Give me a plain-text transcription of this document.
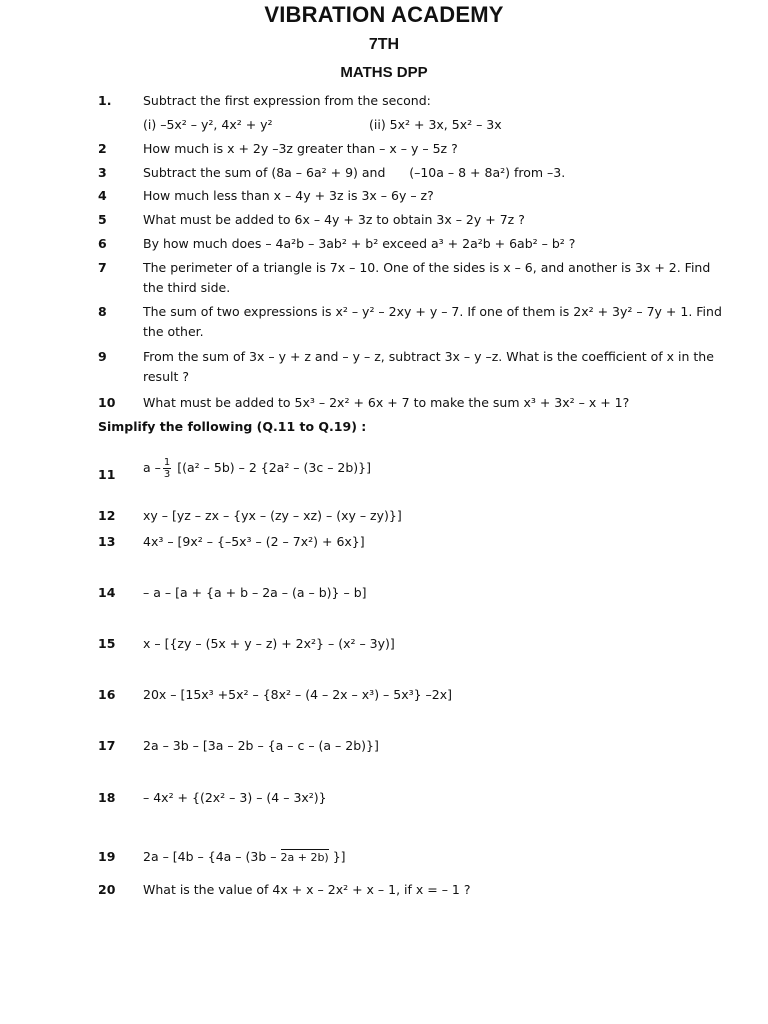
VIBRATION ACADEMY
7TH
MATHS DPP
1.	Subtract the first expression from the second:
(i) –5x² – y², 4x² + y²	(ii) 5x² + 3x, 5x² – 3x
2	How much is x + 2y –3z greater than – x – y – 5z ?
3	Subtract the sum of (8a – 6a² + 9) and      (–10a – 8 + 8a²) from –3.
4	How much less than x – 4y + 3z is 3x – 6y – z?
5	What must be added to 6x – 4y + 3z to obtain 3x – 2y + 7z ?
6	By how much does – 4a²b – 3ab² + b² exceed a³ + 2a²b + 6ab² – b² ?
7	The perimeter of a triangle is 7x – 10. One of the sides is x – 6, and another is 3x + 2. Find the third side.
8	The sum of two expressions is x² – y² – 2xy + y – 7. If one of them is 2x² + 3y² – 7y + 1. Find the other.
9	From the sum of 3x – y + z and – y – z, subtract 3x – y –z. What is the coefficient of x in the result ?
10 What must be added to 5x³ – 2x² + 6x + 7 to make the sum x³ + 3x² – x + 1?
Simplify the following (Q.11 to Q.19) :
11 a – $\frac{1}{3} [(a^2 - 5b) - 2$ {2a² – (3c – 2b)}]
12 xy – [yz – zx – {yx – (zy – xz) – (xy – zy)}]
13 4x³ – [9x² – {–5x³ – (2 – 7x²) + 6x}]
14 – a – [a + {a + b – 2a – (a – b)} – b]
15 x – [{zy – (5x + y – z) + 2x²} – (x² – 3y)]
16 20x – [15x³ +5x² – {8x² – (4 – 2x – x³) – 5x³} –2x]
17 2a – 3b – [3a – 2b – {a – c – (a – 2b)}]
18 – 4x² + {(2x² – 3) – (4 – 3x²)}
19 2a – [4b – {4a – (3b – 2a + 2b) }]
20 What is the value of 4x + x – 2x² + x – 1, if x = – 1 ?
